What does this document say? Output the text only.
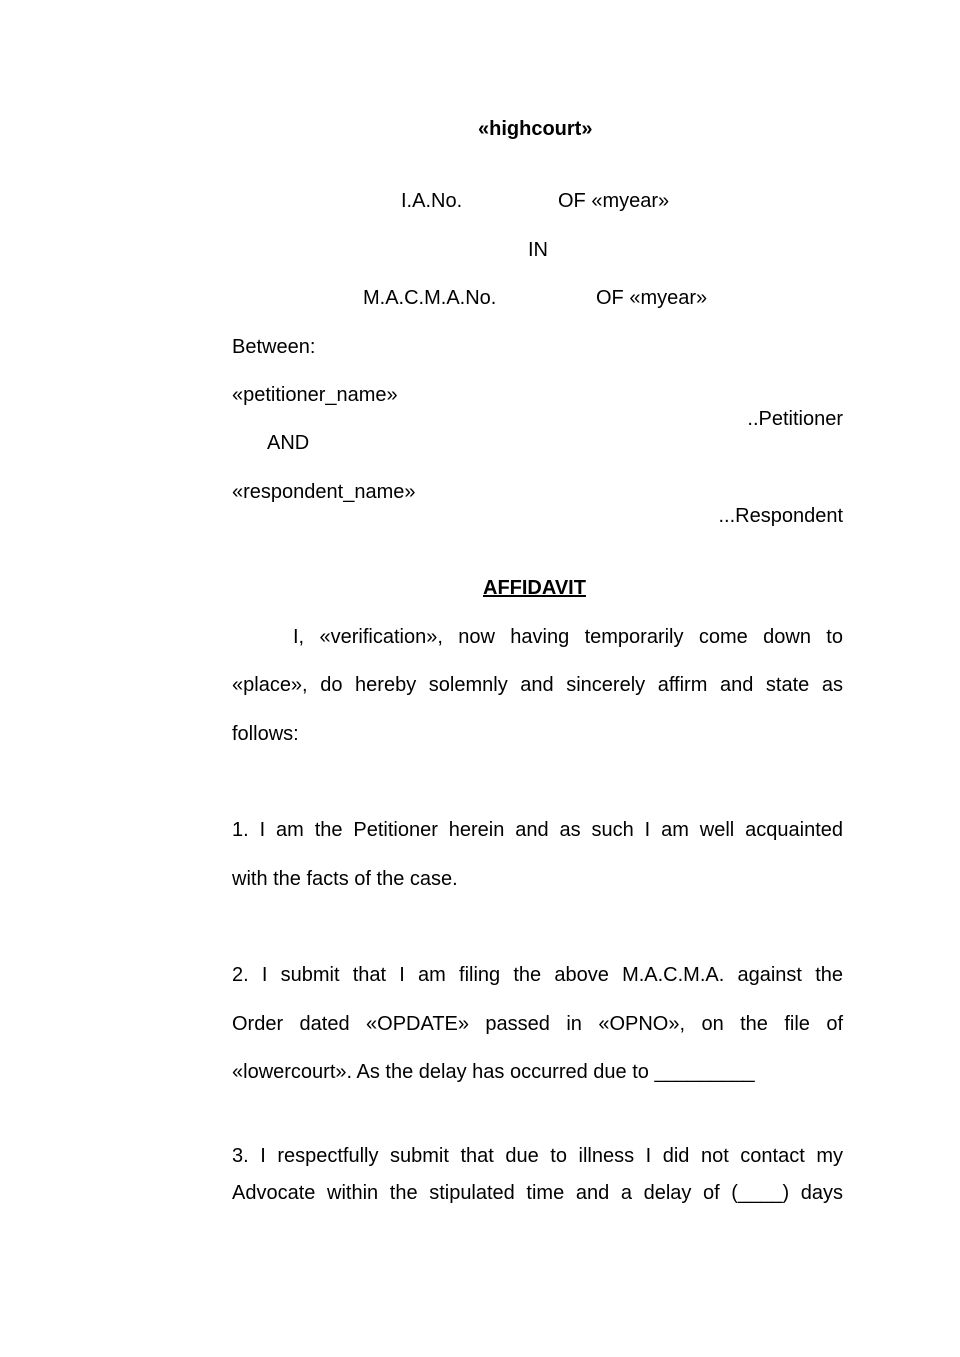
«highcourt»
I.A.No.	OF «myear»
IN
M.A.C.M.A.No.	OF «myear»
Between:
«petitioner_name»
..Petitioner
AND
«respondent_name»
...Respondent
AFFIDAVIT
I, «verification», now having temporarily come down to
«place», do hereby solemnly and sincerely affirm and state as
follows:
1. I am the Petitioner herein and as such I am well acquainted
with the facts of the case.
2. I submit that I am filing the above M.A.C.M.A. against the
Order dated «OPDATE» passed in «OPNO», on the file of
«lowercourt». As the delay has occurred due to _________
3. I respectfully submit that due to illness I did not contact my
Advocate within the stipulated time and a delay of (____) days
